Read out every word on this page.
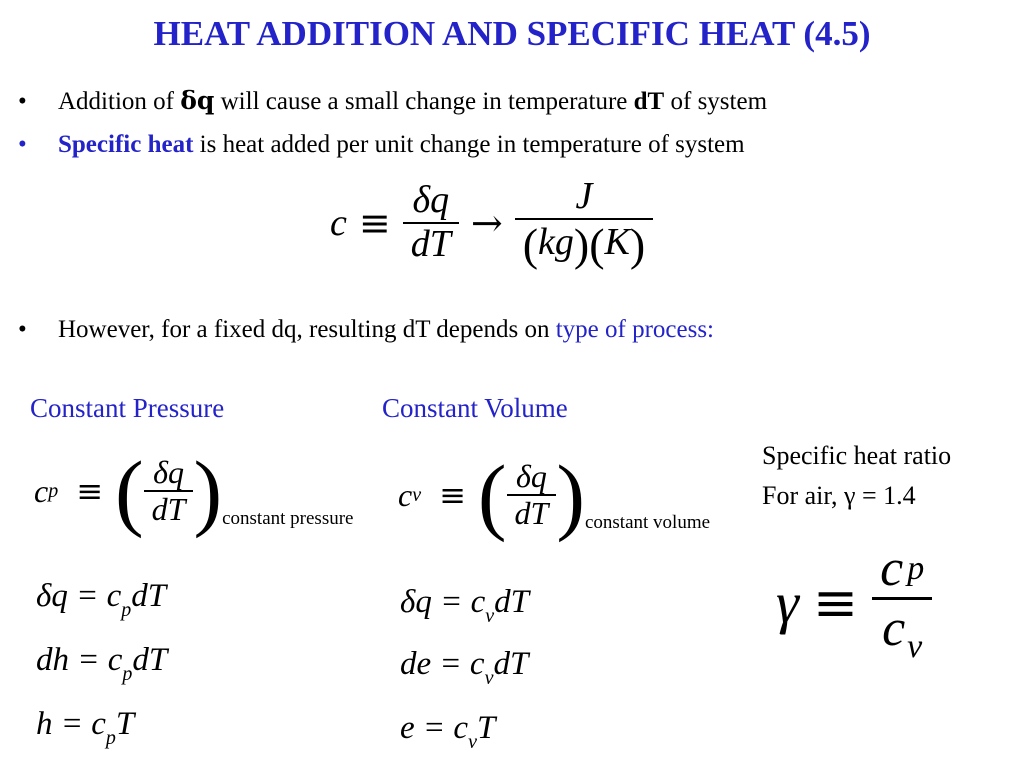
HEAT ADDITION AND SPECIFIC HEAT (4.5)
• Addition of δq will cause a small change in temperature dT of system
• Specific heat is heat added per unit change in temperature of system
$c \equiv \frac{\delta q}{dT} \to \frac{J}{(kg)(K)}$
• However, for a fixed dq, resulting dT depends on type of process:
Constant Pressure
c p ≡ ( $\frac{\delta q}{dT}$ ) constant pressure
$\delta q = c_pdT$
dh = $c_pdT$
$h = c_pT$
Constant Volume
c v ≡ ( $\frac{\delta q}{dT}$ ) constant volume
$\delta q = c_vdT$
de = $c_vdT$
$e = c_vT$
Specific heat ratio
For air, γ = 1.4
$\gamma \equiv \frac{\text{c p}}{c_v}$
